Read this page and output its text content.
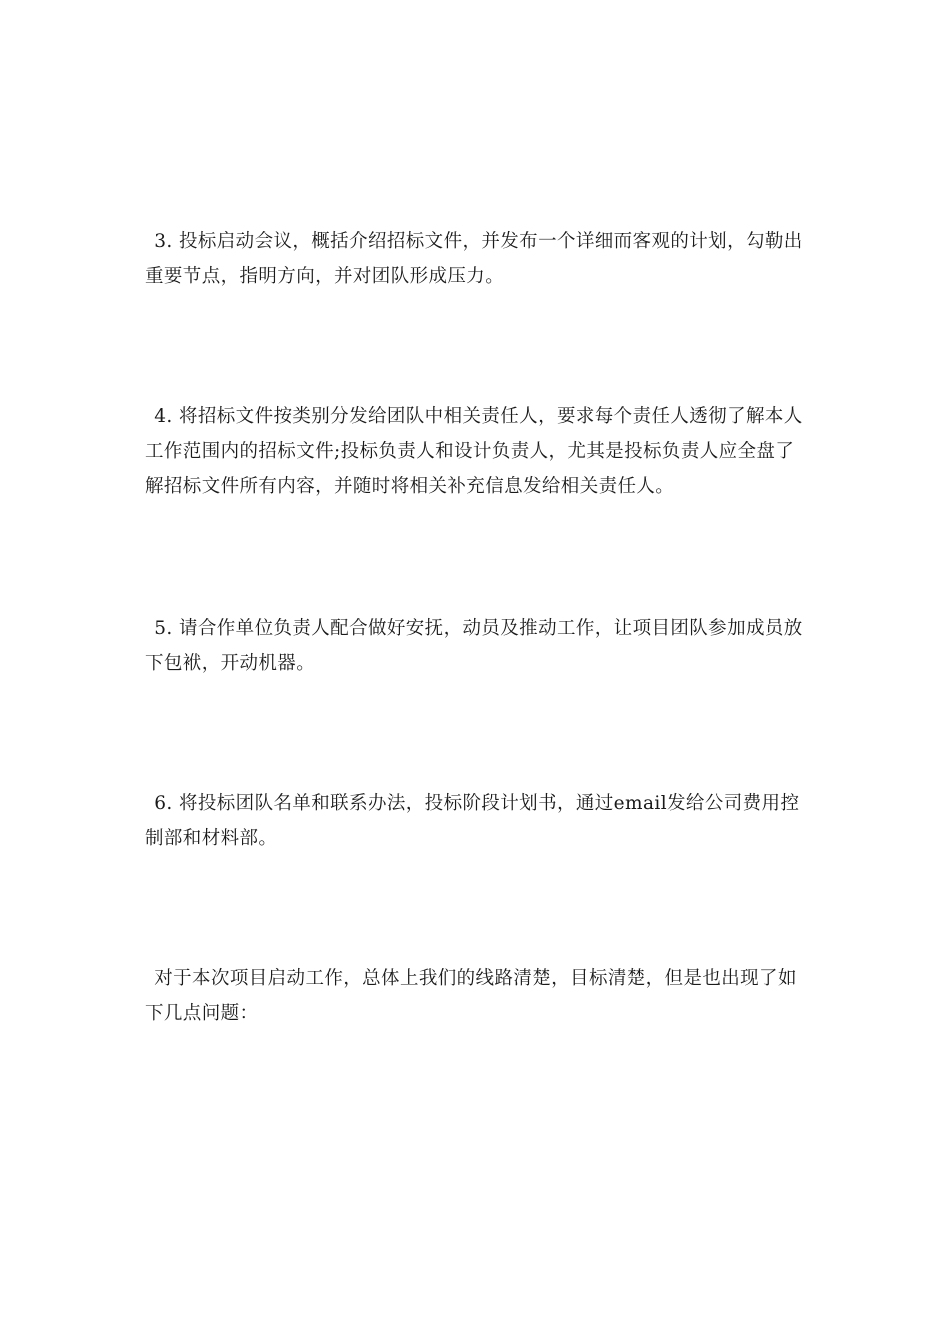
3. 投标启动会议，概括介绍招标文件，并发布一个详细而客观的计划，勾勒出重要节点，指明方向，并对团队形成压力。

4. 将招标文件按类别分发给团队中相关责任人，要求每个责任人透彻了解本人工作范围内的招标文件;投标负责人和设计负责人，尤其是投标负责人应全盘了解招标文件所有内容，并随时将相关补充信息发给相关责任人。

5. 请合作单位负责人配合做好安抚，动员及推动工作，让项目团队参加成员放下包袱，开动机器。

6. 将投标团队名单和联系办法，投标阶段计划书，通过email发给公司费用控制部和材料部。

对于本次项目启动工作，总体上我们的线路清楚，目标清楚，但是也出现了如下几点问题：
